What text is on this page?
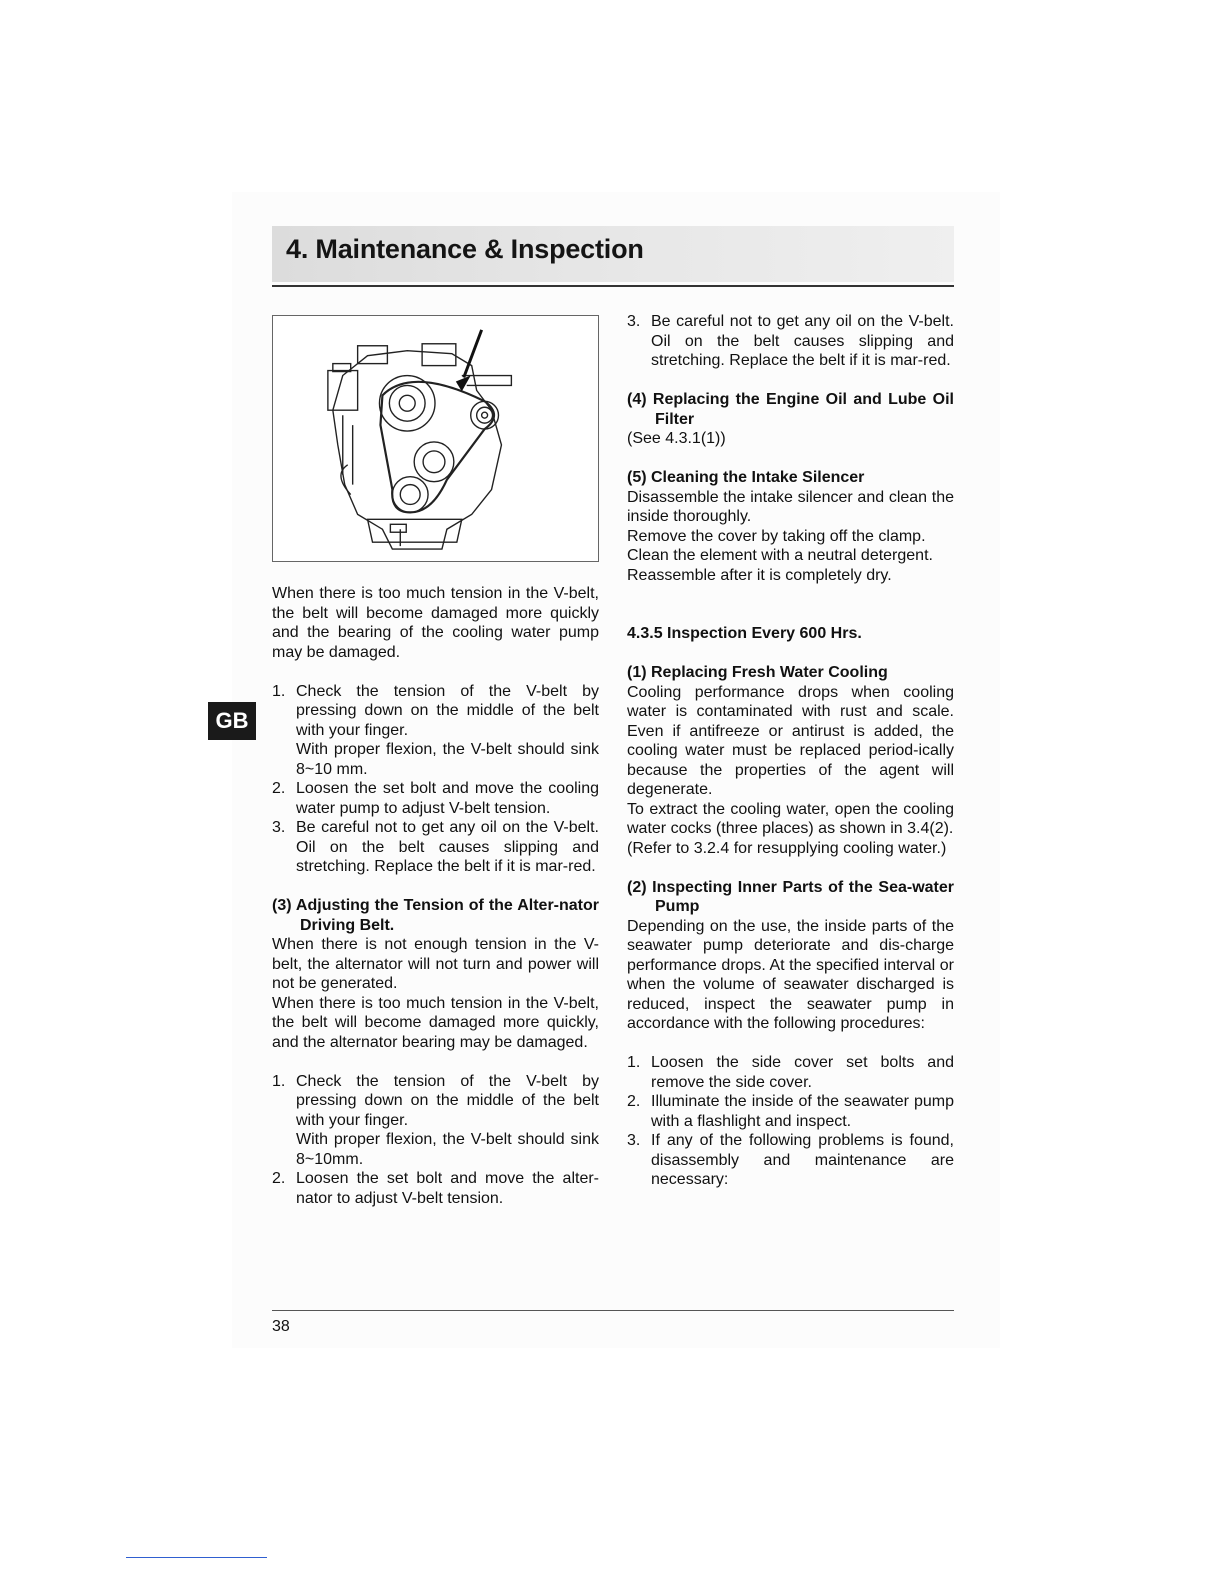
4. Maintenance & Inspection
GB

When there is too much tension in the V-belt, the belt will become damaged more quickly and the bearing of the cooling water pump may be damaged.

1. Check the tension of the V-belt by pressing down on the middle of the belt with your finger.
With proper flexion, the V-belt should sink 8~10 mm.
2. Loosen the set bolt and move the cooling water pump to adjust V-belt tension.
3. Be careful not to get any oil on the V-belt. Oil on the belt causes slipping and stretching. Replace the belt if it is mar-red.

(3) Adjusting the Tension of the Alter-nator Driving Belt.

When there is not enough tension in the V-belt, the alternator will not turn and power will not be generated.

When there is too much tension in the V-belt, the belt will become damaged more quickly, and the alternator bearing may be damaged.

1. Check the tension of the V-belt by pressing down on the middle of the belt with your finger.
With proper flexion, the V-belt should sink 8~10mm.
2. Loosen the set bolt and move the alter-nator to adjust V-belt tension.
3. Be careful not to get any oil on the V-belt. Oil on the belt causes slipping and stretching. Replace the belt if it is mar-red.

(4) Replacing the Engine Oil and Lube Oil Filter

(See 4.3.1(1))

(5) Cleaning the Intake Silencer

Disassemble the intake silencer and clean the inside thoroughly.

Remove the cover by taking off the clamp.

Clean the element with a neutral detergent.

Reassemble after it is completely dry.

4.3.5 Inspection Every 600 Hrs.

(1) Replacing Fresh Water Cooling

Cooling performance drops when cooling water is contaminated with rust and scale. Even if antifreeze or antirust is added, the cooling water must be replaced period-ically because the properties of the agent will degenerate.

To extract the cooling water, open the cooling water cocks (three places) as shown in 3.4(2).

(Refer to 3.2.4 for resupplying cooling water.)

(2) Inspecting Inner Parts of the Sea-water Pump

Depending on the use, the inside parts of the seawater pump deteriorate and dis-charge performance drops. At the specified interval or when the volume of seawater discharged is reduced, inspect the seawater pump in accordance with the following procedures:

1. Loosen the side cover set bolts and remove the side cover.
2. Illuminate the inside of the seawater pump with a flashlight and inspect.
3. If any of the following problems is found, disassembly and maintenance are necessary:
38
